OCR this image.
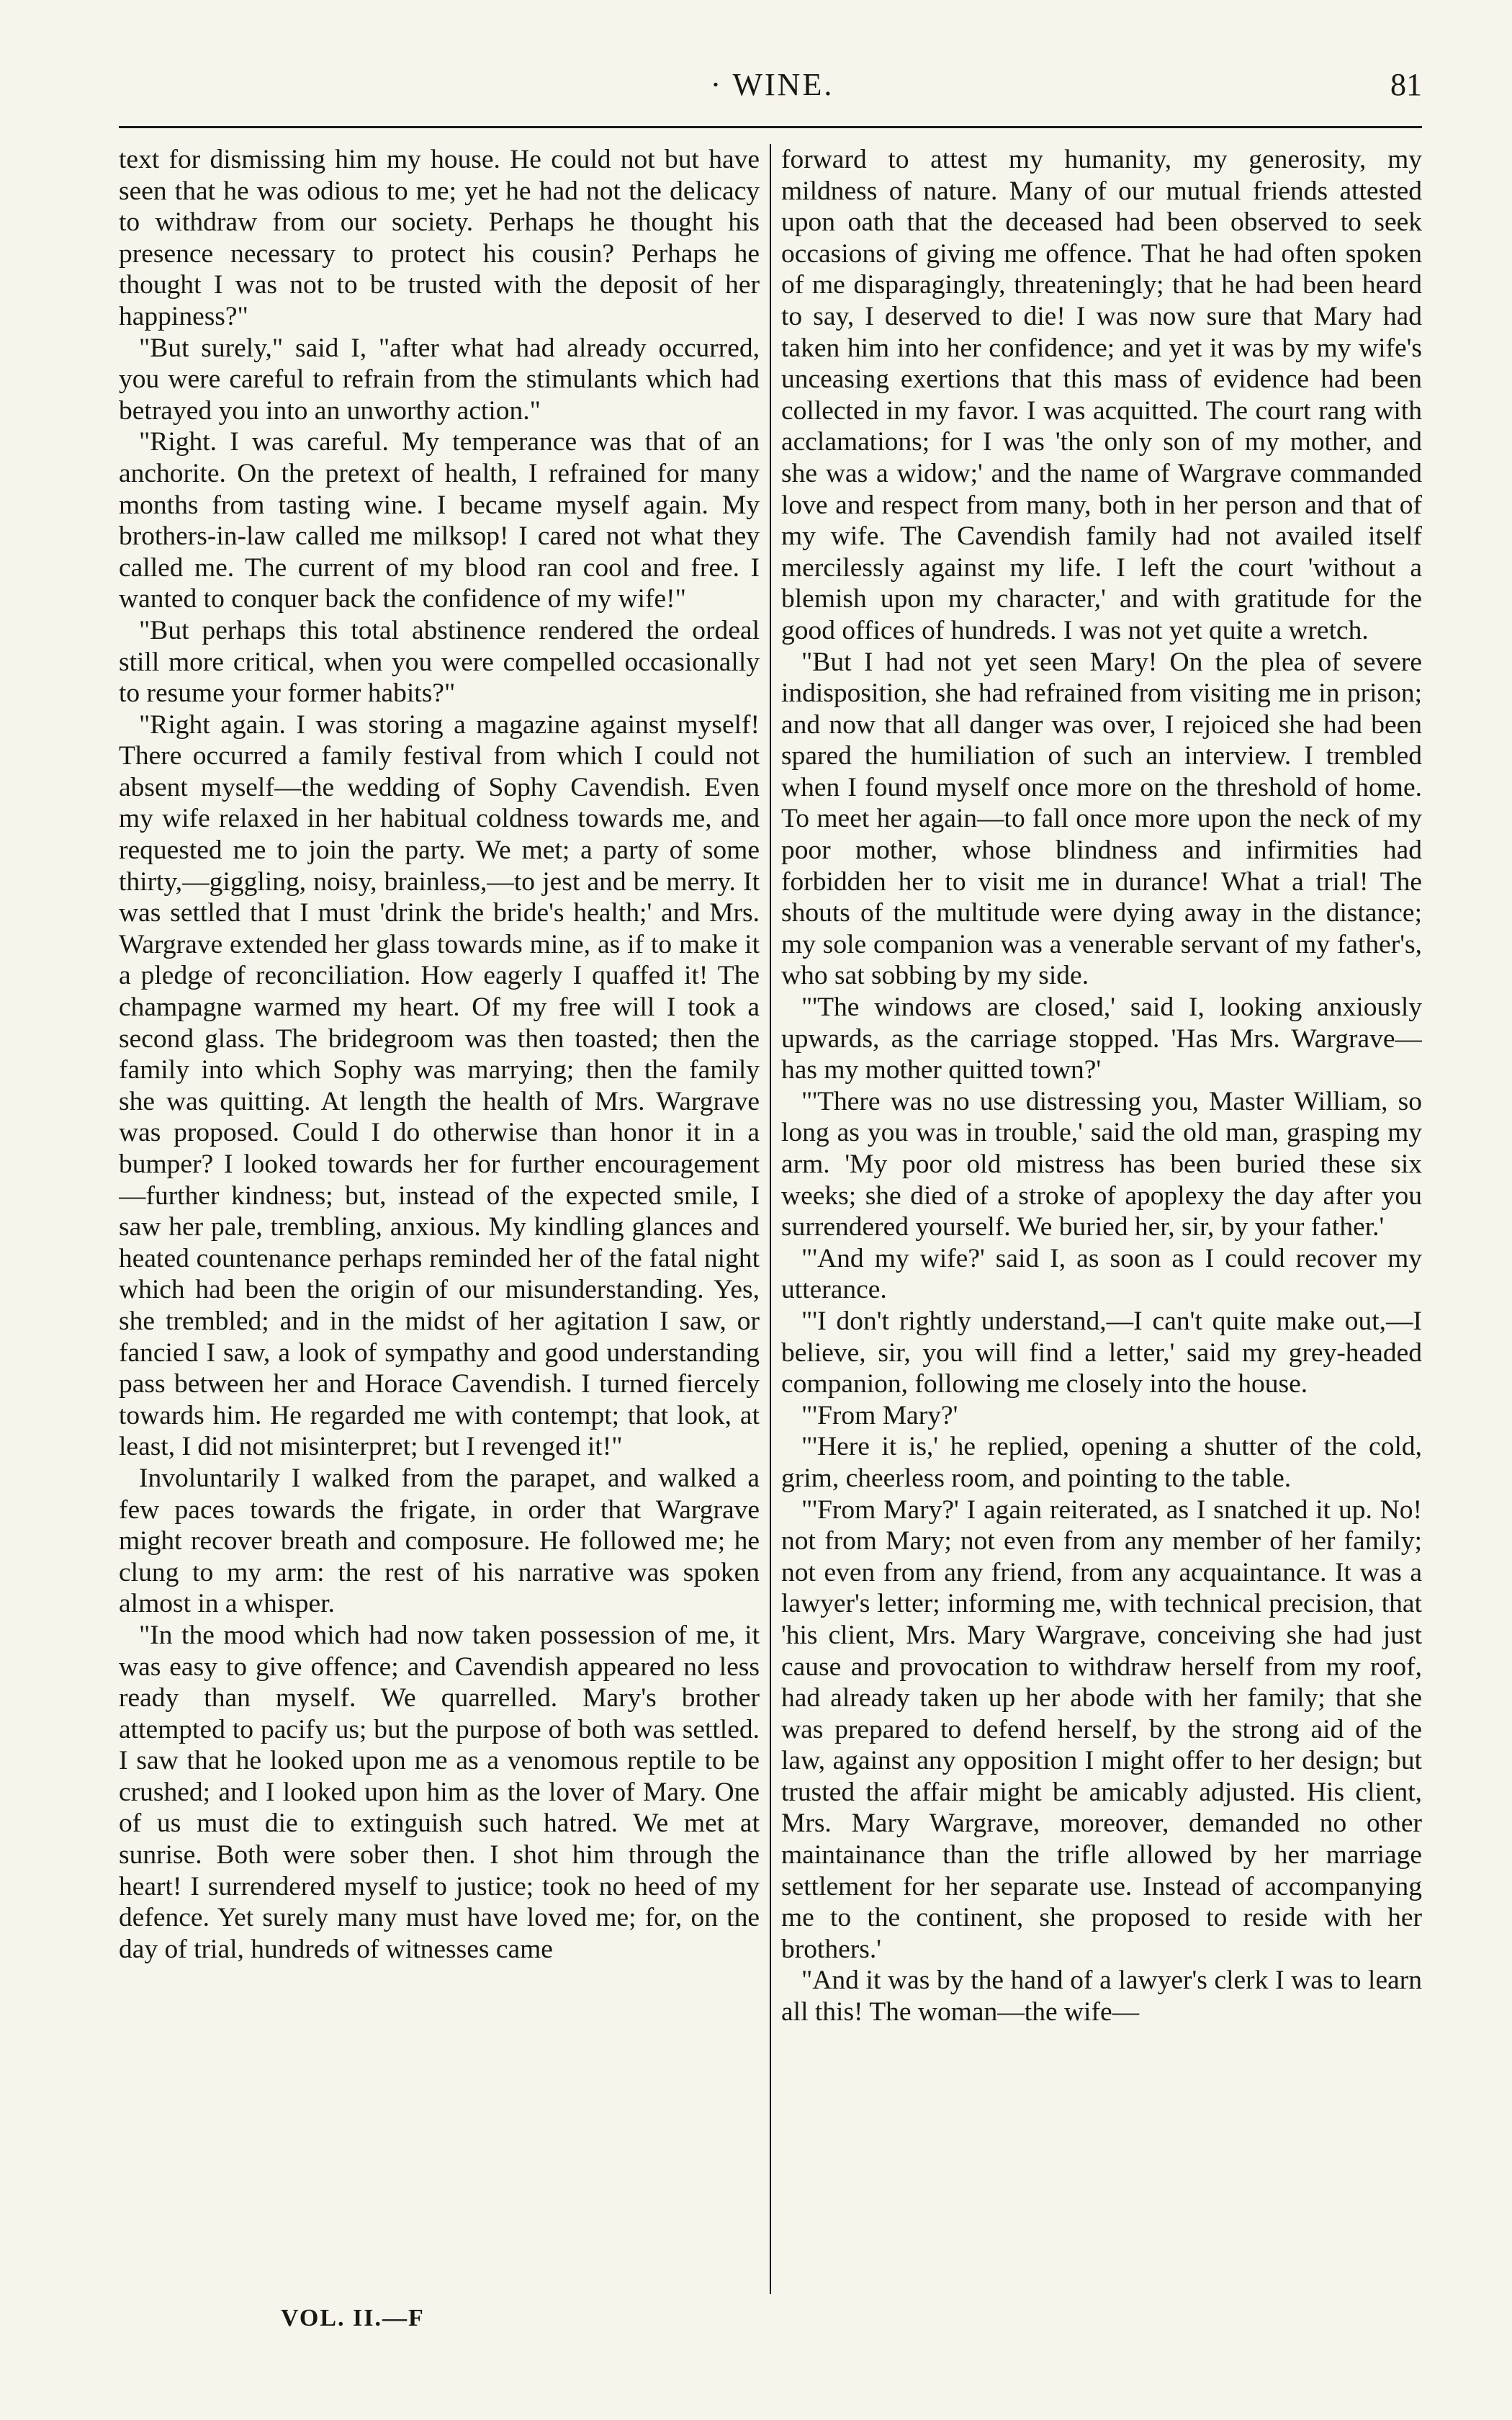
· WINE.	81

text for dismissing him my house. He could not but have seen that he was odious to me; yet he had not the delicacy to withdraw from our society. Perhaps he thought his presence necessary to protect his cousin? Perhaps he thought I was not to be trusted with the deposit of her happiness?"

"But surely," said I, "after what had already occurred, you were careful to refrain from the stimulants which had betrayed you into an unworthy action."

"Right. I was careful. My temperance was that of an anchorite. On the pretext of health, I refrained for many months from tasting wine. I became myself again. My brothers-in-law called me milksop! I cared not what they called me. The current of my blood ran cool and free. I wanted to conquer back the confidence of my wife!"

"But perhaps this total abstinence rendered the ordeal still more critical, when you were compelled occasionally to resume your former habits?"

"Right again. I was storing a magazine against myself! There occurred a family festival from which I could not absent myself—the wedding of Sophy Cavendish. Even my wife relaxed in her habitual coldness towards me, and requested me to join the party. We met; a party of some thirty,—giggling, noisy, brainless,—to jest and be merry. It was settled that I must 'drink the bride's health;' and Mrs. Wargrave extended her glass towards mine, as if to make it a pledge of reconciliation. How eagerly I quaffed it! The champagne warmed my heart. Of my free will I took a second glass. The bridegroom was then toasted; then the family into which Sophy was marrying; then the family she was quitting. At length the health of Mrs. Wargrave was proposed. Could I do otherwise than honor it in a bumper? I looked towards her for further encouragement—further kindness; but, instead of the expected smile, I saw her pale, trembling, anxious. My kindling glances and heated countenance perhaps reminded her of the fatal night which had been the origin of our misunderstanding. Yes, she trembled; and in the midst of her agitation I saw, or fancied I saw, a look of sympathy and good understanding pass between her and Horace Cavendish. I turned fiercely towards him. He regarded me with contempt; that look, at least, I did not misinterpret; but I revenged it!"

Involuntarily I walked from the parapet, and walked a few paces towards the frigate, in order that Wargrave might recover breath and composure. He followed me; he clung to my arm: the rest of his narrative was spoken almost in a whisper.

"In the mood which had now taken possession of me, it was easy to give offence; and Cavendish appeared no less ready than myself. We quarrelled. Mary's brother attempted to pacify us; but the purpose of both was settled. I saw that he looked upon me as a venomous reptile to be crushed; and I looked upon him as the lover of Mary. One of us must die to extinguish such hatred. We met at sunrise. Both were sober then. I shot him through the heart! I surrendered myself to justice; took no heed of my defence. Yet surely many must have loved me; for, on the day of trial, hundreds of witnesses came

forward to attest my humanity, my generosity, my mildness of nature. Many of our mutual friends attested upon oath that the deceased had been observed to seek occasions of giving me offence. That he had often spoken of me disparagingly, threateningly; that he had been heard to say, I deserved to die! I was now sure that Mary had taken him into her confidence; and yet it was by my wife's unceasing exertions that this mass of evidence had been collected in my favor. I was acquitted. The court rang with acclamations; for I was 'the only son of my mother, and she was a widow;' and the name of Wargrave commanded love and respect from many, both in her person and that of my wife. The Cavendish family had not availed itself mercilessly against my life. I left the court 'without a blemish upon my character,' and with gratitude for the good offices of hundreds. I was not yet quite a wretch.

"But I had not yet seen Mary! On the plea of severe indisposition, she had refrained from visiting me in prison; and now that all danger was over, I rejoiced she had been spared the humiliation of such an interview. I trembled when I found myself once more on the threshold of home. To meet her again—to fall once more upon the neck of my poor mother, whose blindness and infirmities had forbidden her to visit me in durance! What a trial! The shouts of the multitude were dying away in the distance; my sole companion was a venerable servant of my father's, who sat sobbing by my side.

"'The windows are closed,' said I, looking anxiously upwards, as the carriage stopped. 'Has Mrs. Wargrave—has my mother quitted town?'

"'There was no use distressing you, Master William, so long as you was in trouble,' said the old man, grasping my arm. 'My poor old mistress has been buried these six weeks; she died of a stroke of apoplexy the day after you surrendered yourself. We buried her, sir, by your father.'

"'And my wife?' said I, as soon as I could recover my utterance.

"'I don't rightly understand,—I can't quite make out,—I believe, sir, you will find a letter,' said my grey-headed companion, following me closely into the house.

"'From Mary?'

"'Here it is,' he replied, opening a shutter of the cold, grim, cheerless room, and pointing to the table.

"'From Mary?' I again reiterated, as I snatched it up. No! not from Mary; not even from any member of her family; not even from any friend, from any acquaintance. It was a lawyer's letter; informing me, with technical precision, that 'his client, Mrs. Mary Wargrave, conceiving she had just cause and provocation to withdraw herself from my roof, had already taken up her abode with her family; that she was prepared to defend herself, by the strong aid of the law, against any opposition I might offer to her design; but trusted the affair might be amicably adjusted. His client, Mrs. Mary Wargrave, moreover, demanded no other maintainance than the trifle allowed by her marriage settlement for her separate use. Instead of accompanying me to the continent, she proposed to reside with her brothers.'

"And it was by the hand of a lawyer's clerk I was to learn all this! The woman—the wife—

VOL. II.—F
